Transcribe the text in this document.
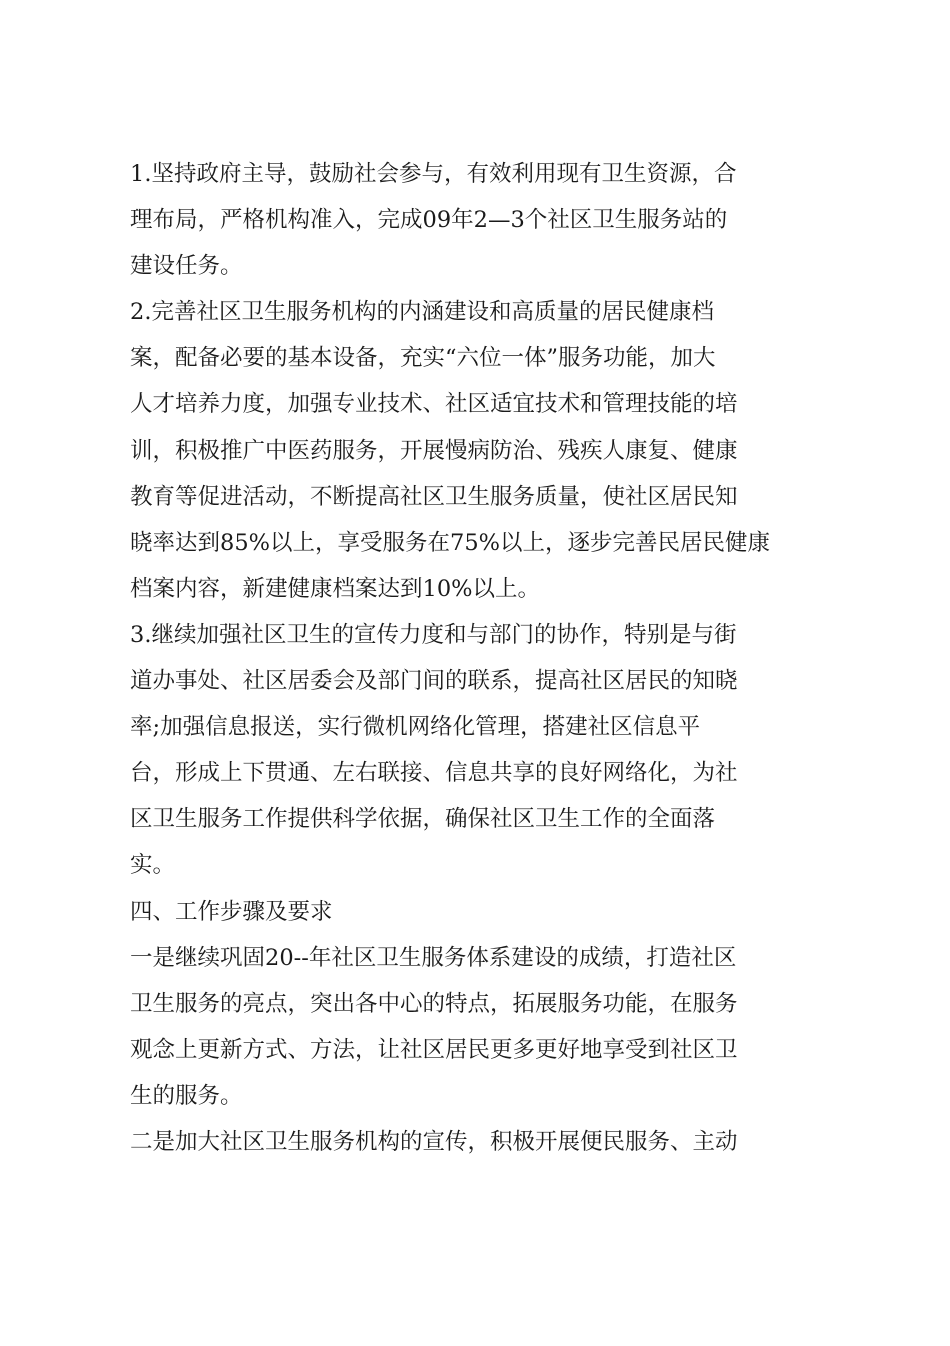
1.坚持政府主导，鼓励社会参与，有效利用现有卫生资源，合
理布局，严格机构准入，完成09年2—3个社区卫生服务站的
建设任务。
2.完善社区卫生服务机构的内涵建设和高质量的居民健康档
案，配备必要的基本设备，充实“六位一体”服务功能，加大
人才培养力度，加强专业技术、社区适宜技术和管理技能的培
训，积极推广中医药服务，开展慢病防治、残疾人康复、健康
教育等促进活动，不断提高社区卫生服务质量，使社区居民知
晓率达到85%以上，享受服务在75%以上，逐步完善民居民健康
档案内容，新建健康档案达到10%以上。
3.继续加强社区卫生的宣传力度和与部门的协作，特别是与街
道办事处、社区居委会及部门间的联系，提高社区居民的知晓
率;加强信息报送，实行微机网络化管理，搭建社区信息平
台，形成上下贯通、左右联接、信息共享的良好网络化，为社
区卫生服务工作提供科学依据，确保社区卫生工作的全面落
实。
四、工作步骤及要求
一是继续巩固20--年社区卫生服务体系建设的成绩，打造社区
卫生服务的亮点，突出各中心的特点，拓展服务功能，在服务
观念上更新方式、方法，让社区居民更多更好地享受到社区卫
生的服务。
二是加大社区卫生服务机构的宣传，积极开展便民服务、主动
